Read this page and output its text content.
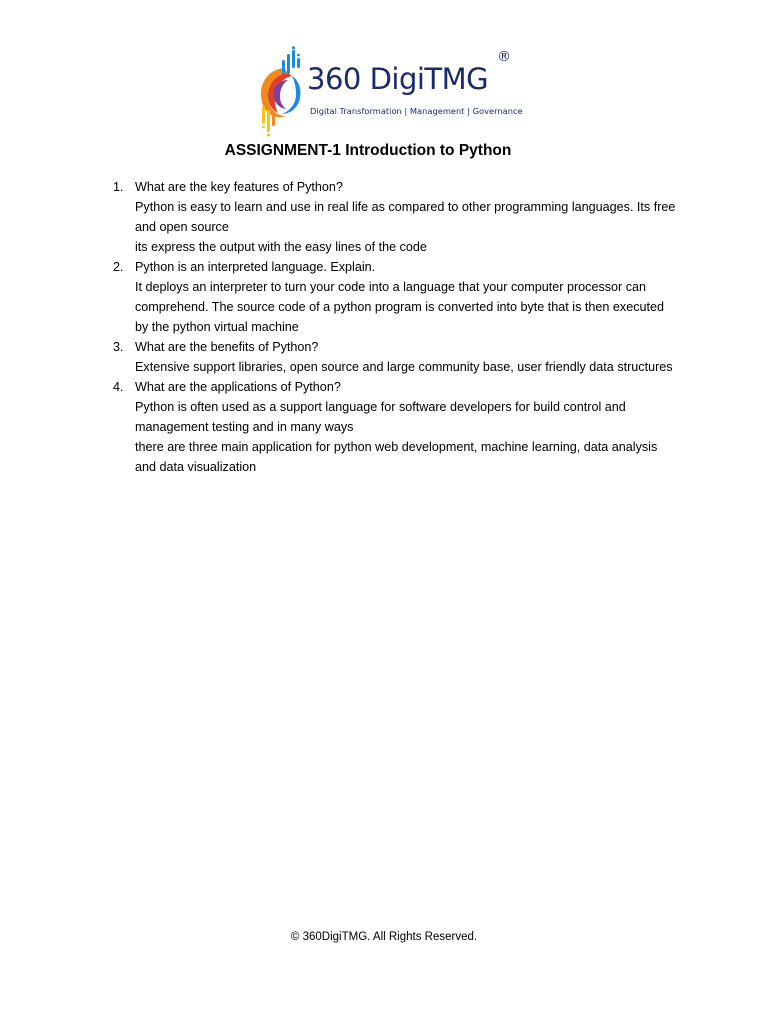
360 DigiTMG
®
Digital Transformation | Management | Governance
ASSIGNMENT-1 Introduction to Python
1. What are the key features of Python?
Python is easy to learn and use in real life as compared to other programming languages. Its free
and open source
its express the output with the easy lines of the code
2. Python is an interpreted language. Explain.
It deploys an interpreter to turn your code into a language that your computer processor can
comprehend. The source code of a python program is converted into byte that is then executed
by the python virtual machine
3. What are the benefits of Python?
Extensive support libraries, open source and large community base, user friendly data structures
4. What are the applications of Python?
Python is often used as a support language for software developers for build control and
management testing and in many ways
there are three main application for python web development, machine learning, data analysis
and data visualization
© 360DigiTMG. All Rights Reserved.
